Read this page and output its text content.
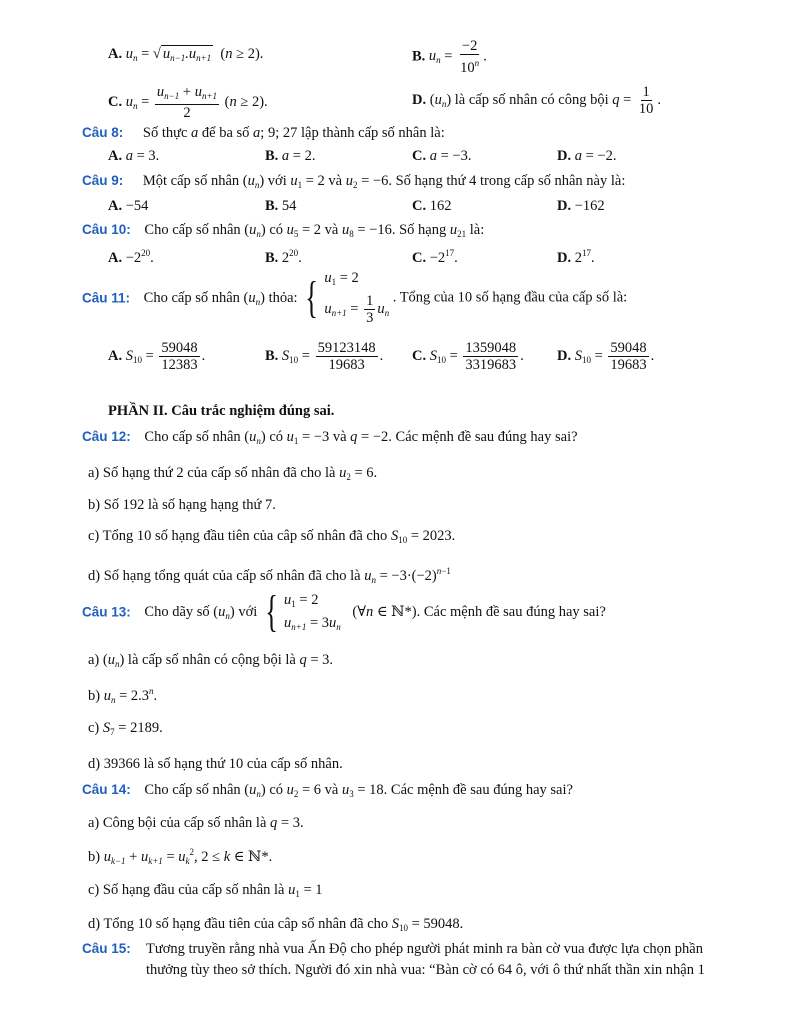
A. $u_n$ = √ $u_{n-1}.u_{n+1}$  (n ≥ 2).	B. $u_n = \frac{-2}{10^n}$ .
C. $u_n = \frac{u_{n-1} + u_{n+1}}{2} (n \ge 2)$.	D. $(u_n)$ là cấp số nhân có công bội $q = \frac{1}{10}$ .
Câu 8: Số thực a để ba số a; 9; 27 lập thành cấp số nhân là:
A. a = 3.	B. a = 2.	C. a = −3.	D. a = −2.
Câu 9: Một cấp số nhân $(u_n)$ với $u_1 = 2$ và $u_2 = -6$. Số hạng thứ 4 trong cấp số nhân này là:
A. −54	B. 54	C. 162	D. −162
Câu 10: Cho cấp số nhân $(u_n)$ có $u_5 = 2$ và $u_8 = -16$. Số hạng $u_{21}$ là:
A. $-2^{20}$.	B. $2^{20}$.	C. $-2^{17}$.	D. $2^{17}$.
Câu 11: Cho cấp số nhân $(u_n)$ thỏa: { $u_1 = 2$
$u_{n+1} = \frac{1}{3} u_n$
. Tổng của 10 số hạng đầu của cấp số là:
A. $S_{10} = \frac{59048}{12383}$ .	B. $S_{10} = \frac{59123148}{19683}$ . C. $S_{10} = \frac{1359048}{3319683}$ . D. $S_{10} = \frac{59048}{19683}$ .
PHẦN II. Câu trắc nghiệm đúng sai.
Câu 12: Cho cấp số nhân $(u_n)$ có $u_1 = -3$ và q = −2. Các mệnh đề sau đúng hay sai?
a) Số hạng thứ 2 của cấp số nhân đã cho là $u_2 = 6$.
b) Số 192 là số hạng hạng thứ 7.
c) Tổng 10 số hạng đầu tiên của câp số nhân đã cho $S_{10} = 2023$.
d) Số hạng tổng quát của cấp số nhân đã cho là $u_n = -3\cdot(-2)^{n-1}$
Câu 13: Cho dãy số $(u_n)$ với { $u_1 = 2$
$u_{n+1} = 3u_n$
(∀n ∈ ℕ*). Các mệnh đề sau đúng hay sai?
a) $(u_n)$ là cấp số nhân có cộng bội là q = 3.
b) $u_n = 2.3^n$.
c) $S_7 = 2189$.
d) 39366 là số hạng thứ 10 của cấp số nhân.
Câu 14: Cho cấp số nhân $(u_n)$ có $u_2 = 6$ và $u_3 = 18$. Các mệnh đề sau đúng hay sai?
a) Công bội của cấp số nhân là q = 3.
b) $u_{k-1} + u_{k+1} = u_k^2$, 2 ≤ k ∈ ℕ*.
c) Số hạng đầu của cấp số nhân là $u_1 = 1$
d) Tổng 10 số hạng đầu tiên của câp số nhân đã cho $S_{10} = 59048$.
Câu 15: Tương truyền rằng nhà vua Ấn Độ cho phép người phát minh ra bàn cờ vua được lựa chọn phần
thưởng tùy theo sở thích. Người đó xin nhà vua: “Bàn cờ có 64 ô, với ô thứ nhất thần xin nhận 1
